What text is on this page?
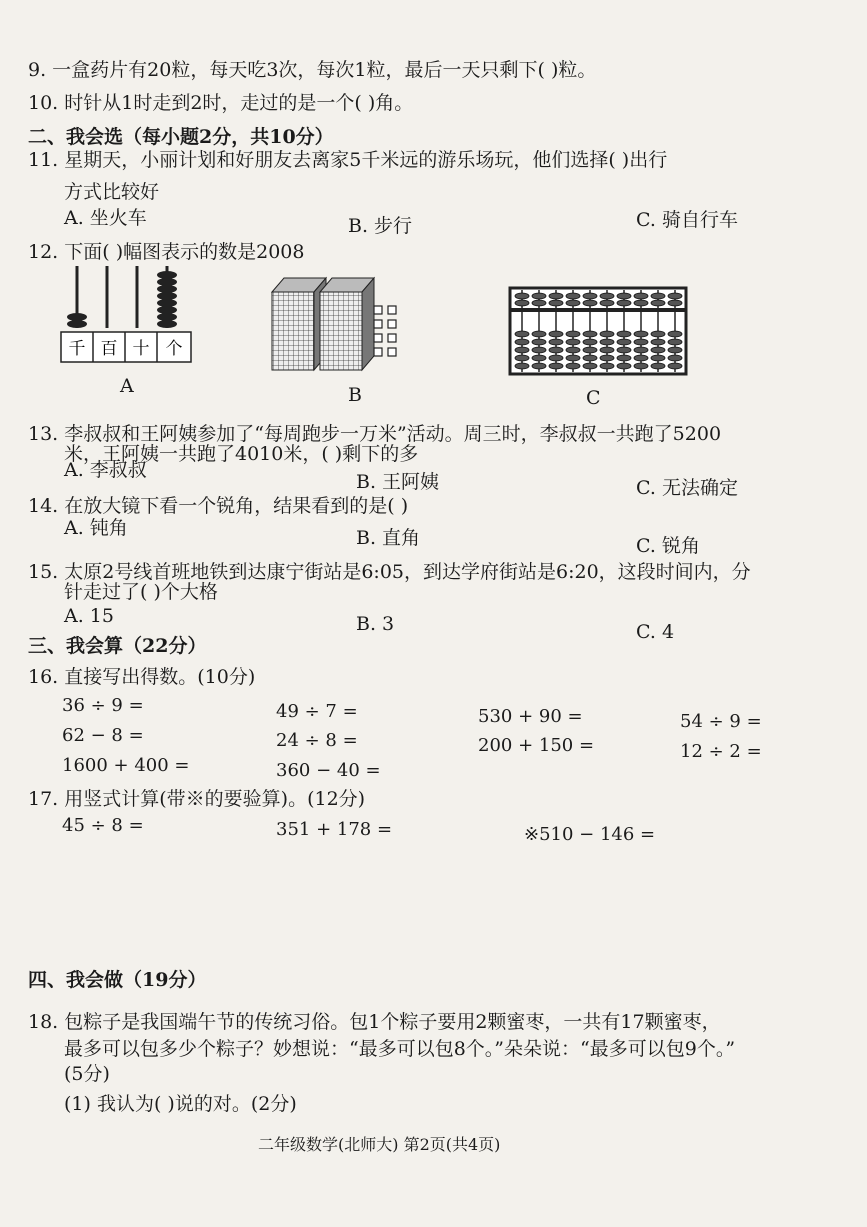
9. 一盒药片有20粒，每天吃3次，每次1粒，最后一天只剩下( )粒。
10. 时针从1时走到2时，走过的是一个( )角。
二、我会选（每小题2分，共10分）
11. 星期天，小丽计划和好朋友去离家5千米远的游乐场玩，他们选择( )出行
方式比较好
A. 坐火车	B. 步行	C. 骑自行车
12. 下面( )幅图表示的数是2008
千 百 十 个
A	B	C
13. 李叔叔和王阿姨参加了“每周跑步一万米”活动。周三时，李叔叔一共跑了5200
米，王阿姨一共跑了4010米，( )剩下的多
A. 李叔叔
B. 王阿姨	C. 无法确定
14. 在放大镜下看一个锐角，结果看到的是( )
A. 钝角	B. 直角	C. 锐角
15. 太原2号线首班地铁到达康宁街站是6:05，到达学府街站是6:20，这段时间内，分
针走过了( )个大格
A. 15	B. 3	C. 4
三、我会算（22分）
16. 直接写出得数。(10分)
36 ÷ 9 =	49 ÷ 7 =	530 + 90 =	54 ÷ 9 =
62 − 8 =	24 ÷ 8 =	200 + 150 =	12 ÷ 2 =
1600 + 400 =	360 − 40 =
17. 用竖式计算(带※的要验算)。(12分)
45 ÷ 8 =	351 + 178 =	※510 − 146 =
四、我会做（19分）
18. 包粽子是我国端午节的传统习俗。包1个粽子要用2颗蜜枣，一共有17颗蜜枣，
最多可以包多少个粽子？妙想说：“最多可以包8个。”朵朵说：“最多可以包9个。”
(5分)
(1) 我认为( )说的对。(2分)
二年级数学(北师大) 第2页(共4页)
